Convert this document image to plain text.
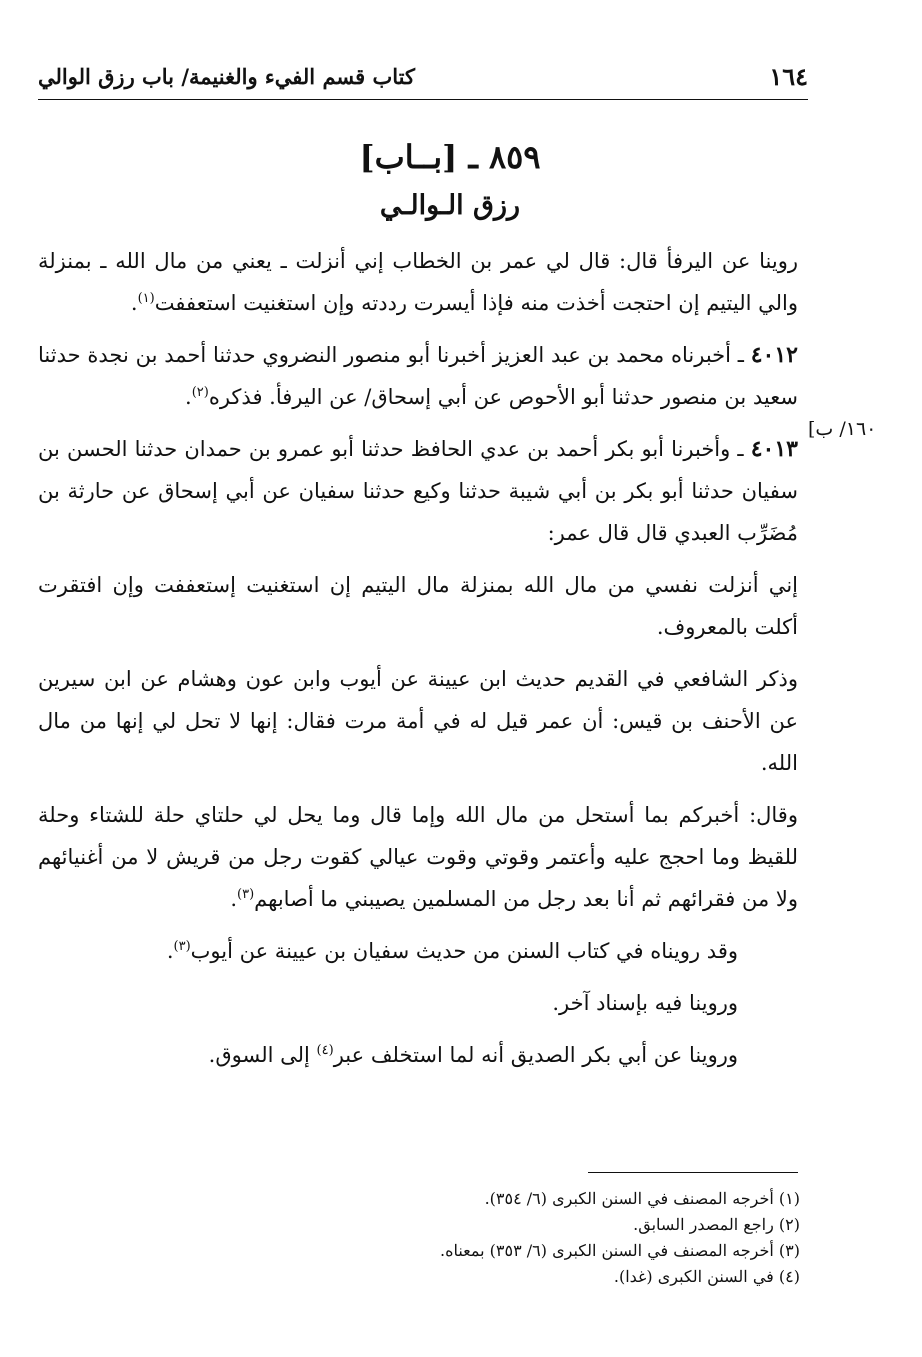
١٦٤
كتاب قسم الفيء والغنيمة/ باب رزق الوالي
٨٥٩ ـ [بــاب]
رزق الـوالـي
١٦٠/ ب]

روينا عن اليرفأ قال: قال لي عمر بن الخطاب إني أنزلت ـ يعني من مال الله ـ بمنزلة والي اليتيم إن احتجت أخذت منه فإذا أيسرت رددته وإن استغنيت استعففت$^{(١)}$.

٤٠١٢ ـ أخبرناه محمد بن عبد العزيز أخبرنا أبو منصور النضروي حدثنا أحمد بن نجدة حدثنا سعيد بن منصور حدثنا أبو الأحوص عن أبي إسحاق/ عن اليرفأ. فذكره$^{(٢)}$.

٤٠١٣ ـ وأخبرنا أبو بكر أحمد بن عدي الحافظ حدثنا أبو عمرو بن حمدان حدثنا الحسن بن سفيان حدثنا أبو بكر بن أبي شيبة حدثنا وكيع حدثنا سفيان عن أبي إسحاق عن حارثة بن مُضَرِّب العبدي قال قال عمر:

إني أنزلت نفسي من مال الله بمنزلة مال اليتيم إن استغنيت إستعففت وإن افتقرت أكلت بالمعروف.

وذكر الشافعي في القديم حديث ابن عيينة عن أيوب وابن عون وهشام عن ابن سيرين عن الأحنف بن قيس: أن عمر قيل له في أمة مرت فقال: إنها لا تحل لي إنها من مال الله.

وقال: أخبركم بما أستحل من مال الله وإما قال وما يحل لي حلتاي حلة للشتاء وحلة للقيظ وما احجج عليه وأعتمر وقوتي وقوت عيالي كقوت رجل من قريش لا من أغنيائهم ولا من فقرائهم ثم أنا بعد رجل من المسلمين يصيبني ما أصابهم$^{(٣)}$.

وقد رويناه في كتاب السنن من حديث سفيان بن عيينة عن أيوب$^{(٣)}$.

وروينا فيه بإسناد آخر.

وروينا عن أبي بكر الصديق أنه لما استخلف عبر$^{(٤)}$ إلى السوق.

(١) أخرجه المصنف في السنن الكبرى (٦/ ٣٥٤).
(٢) راجع المصدر السابق.
(٣) أخرجه المصنف في السنن الكبرى (٦/ ٣٥٣) بمعناه.
(٤) في السنن الكبرى (غدا).
